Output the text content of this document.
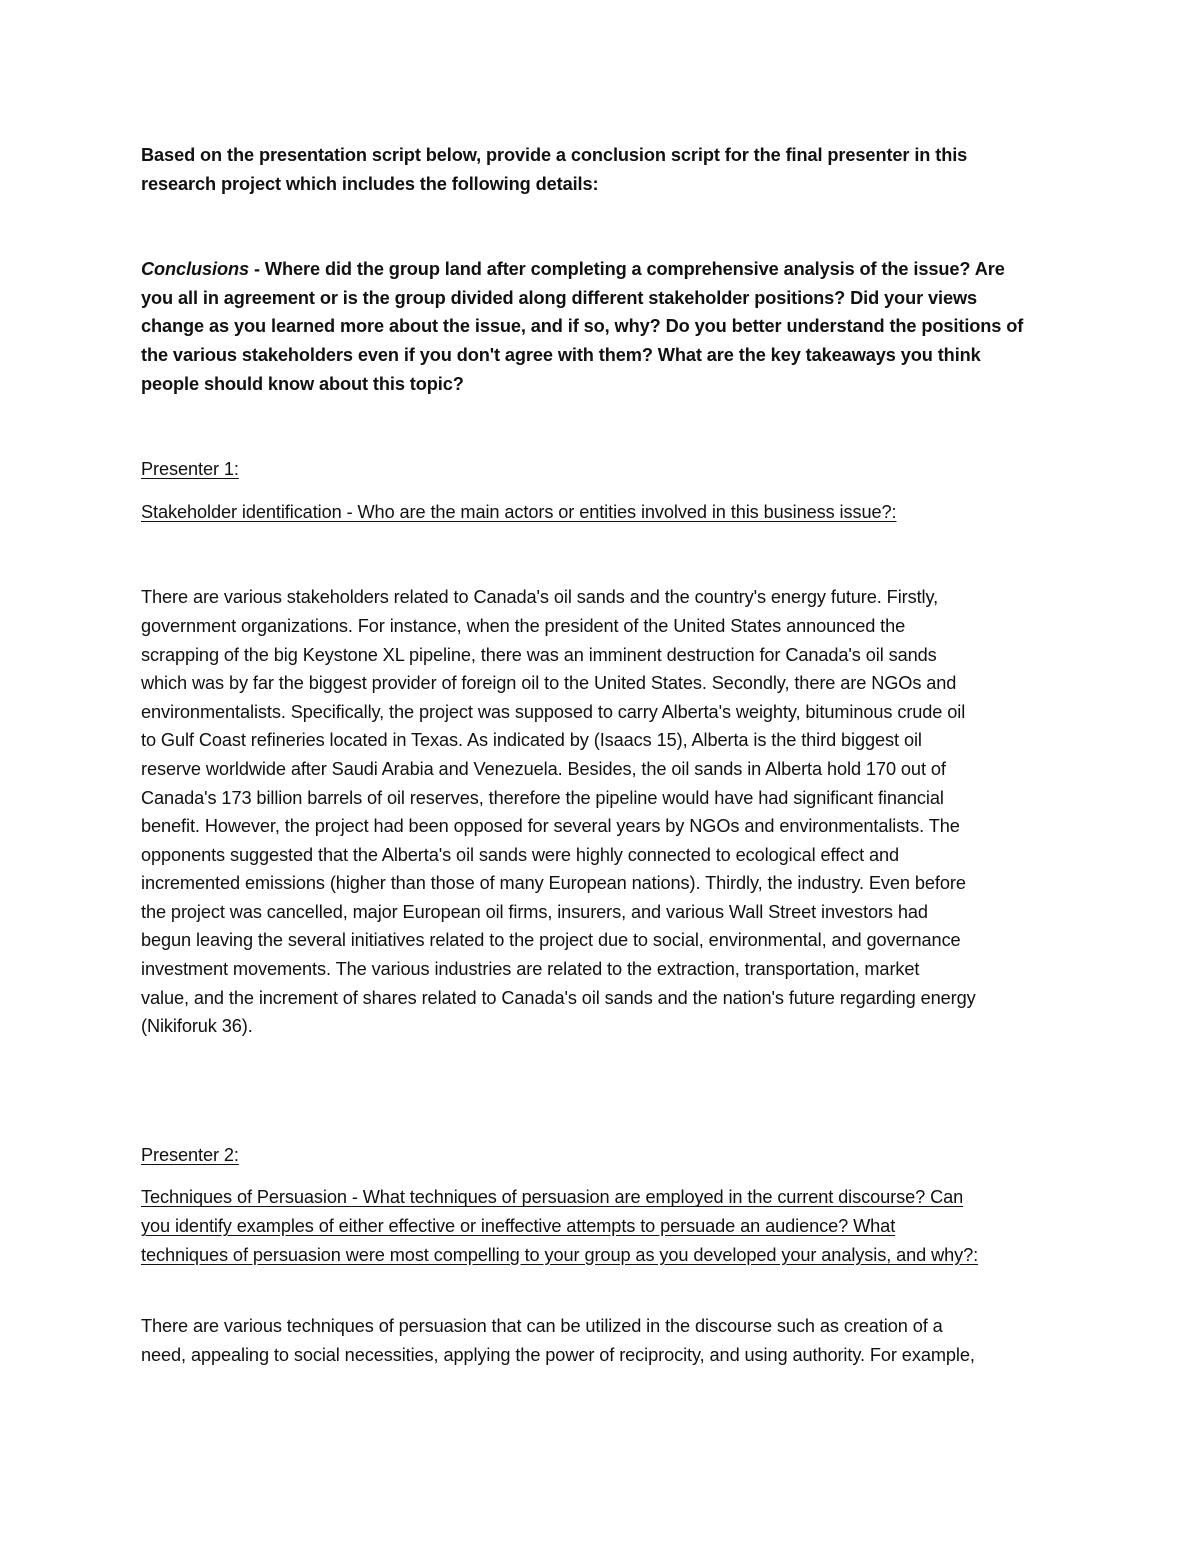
Based on the presentation script below, provide a conclusion script for the final presenter in this
research project which includes the following details:

Conclusions - Where did the group land after completing a comprehensive analysis of the issue? Are
you all in agreement or is the group divided along different stakeholder positions? Did your views
change as you learned more about the issue, and if so, why? Do you better understand the positions of
the various stakeholders even if you don't agree with them? What are the key takeaways you think
people should know about this topic?

Presenter 1:

Stakeholder identification - Who are the main actors or entities involved in this business issue?:

There are various stakeholders related to Canada's oil sands and the country's energy future. Firstly,
government organizations. For instance, when the president of the United States announced the
scrapping of the big Keystone XL pipeline, there was an imminent destruction for Canada's oil sands
which was by far the biggest provider of foreign oil to the United States. Secondly, there are NGOs and
environmentalists. Specifically, the project was supposed to carry Alberta's weighty, bituminous crude oil
to Gulf Coast refineries located in Texas. As indicated by (Isaacs 15), Alberta is the third biggest oil
reserve worldwide after Saudi Arabia and Venezuela. Besides, the oil sands in Alberta hold 170 out of
Canada's 173 billion barrels of oil reserves, therefore the pipeline would have had significant financial
benefit. However, the project had been opposed for several years by NGOs and environmentalists. The
opponents suggested that the Alberta's oil sands were highly connected to ecological effect and
incremented emissions (higher than those of many European nations). Thirdly, the industry. Even before
the project was cancelled, major European oil firms, insurers, and various Wall Street investors had
begun leaving the several initiatives related to the project due to social, environmental, and governance
investment movements. The various industries are related to the extraction, transportation, market
value, and the increment of shares related to Canada's oil sands and the nation's future regarding energy
(Nikiforuk 36).

Presenter 2:

Techniques of Persuasion - What techniques of persuasion are employed in the current discourse? Can
you identify examples of either effective or ineffective attempts to persuade an audience? What
techniques of persuasion were most compelling to your group as you developed your analysis, and why?:

There are various techniques of persuasion that can be utilized in the discourse such as creation of a
need, appealing to social necessities, applying the power of reciprocity, and using authority. For example,
